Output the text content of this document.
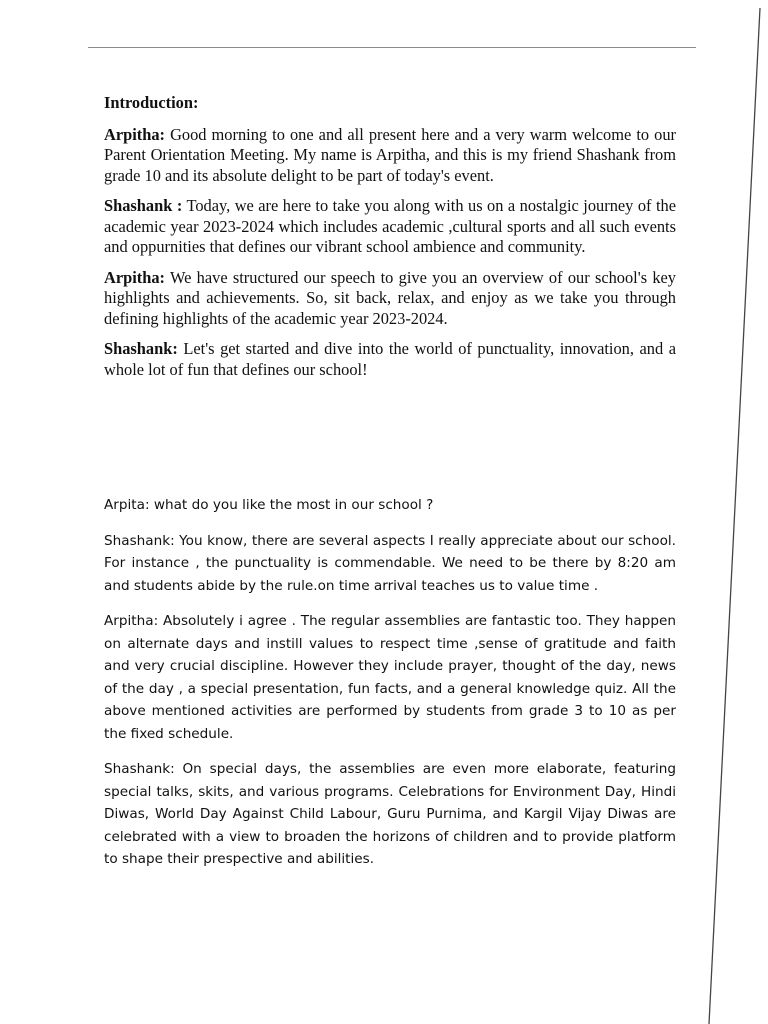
Introduction:

Arpitha: Good morning to one and all present here and a very warm welcome to our Parent Orientation Meeting. My name is Arpitha, and this is my friend Shashank from grade 10 and its absolute delight to be part of today's event.

Shashank : Today, we are here to take you along with us on a nostalgic journey of the academic year 2023-2024 which includes academic ,cultural sports and all such events and oppurnities that defines our vibrant school ambience and community.

Arpitha: We have structured our speech to give you an overview of our school's key highlights and achievements. So, sit back, relax, and enjoy as we take you through defining highlights of the academic year 2023-2024.

Shashank: Let's get started and dive into the world of punctuality, innovation, and a whole lot of fun that defines our school!

Arpita: what do you like the most in our school ?

Shashank: You know, there are several aspects I really appreciate about our school. For instance , the punctuality is commendable. We need to be there by 8:20 am and students abide by the rule.on time arrival teaches us to value time .

Arpitha: Absolutely i agree . The regular assemblies are fantastic too. They happen on alternate days and instill values to respect time ,sense of gratitude and faith and very crucial discipline. However they include prayer, thought of the day, news of the day , a special presentation, fun facts, and a general knowledge quiz. All the above mentioned activities are performed by students from grade 3 to 10 as per the fixed schedule.

Shashank: On special days, the assemblies are even more elaborate, featuring special talks, skits, and various programs. Celebrations for Environment Day, Hindi Diwas, World Day Against Child Labour, Guru Purnima, and Kargil Vijay Diwas are celebrated with a view to broaden the horizons of children and to provide platform to shape their prespective and abilities.
